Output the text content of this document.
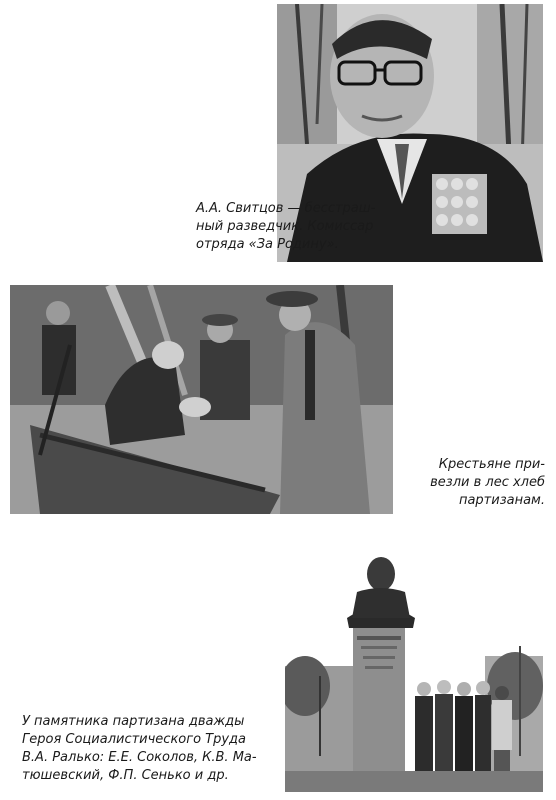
А.А. Свитцов — бесстраш-
ный разведчик. Комиссар
отряда «За Родину».

Крестьяне при-
везли в лес хлеб
партизанам.

У памятника партизана дважды
Героя Социалистического Труда
В.А. Ралько: Е.Е. Соколов, К.В. Ма-
тюшевский, Ф.П. Сенько и др.
